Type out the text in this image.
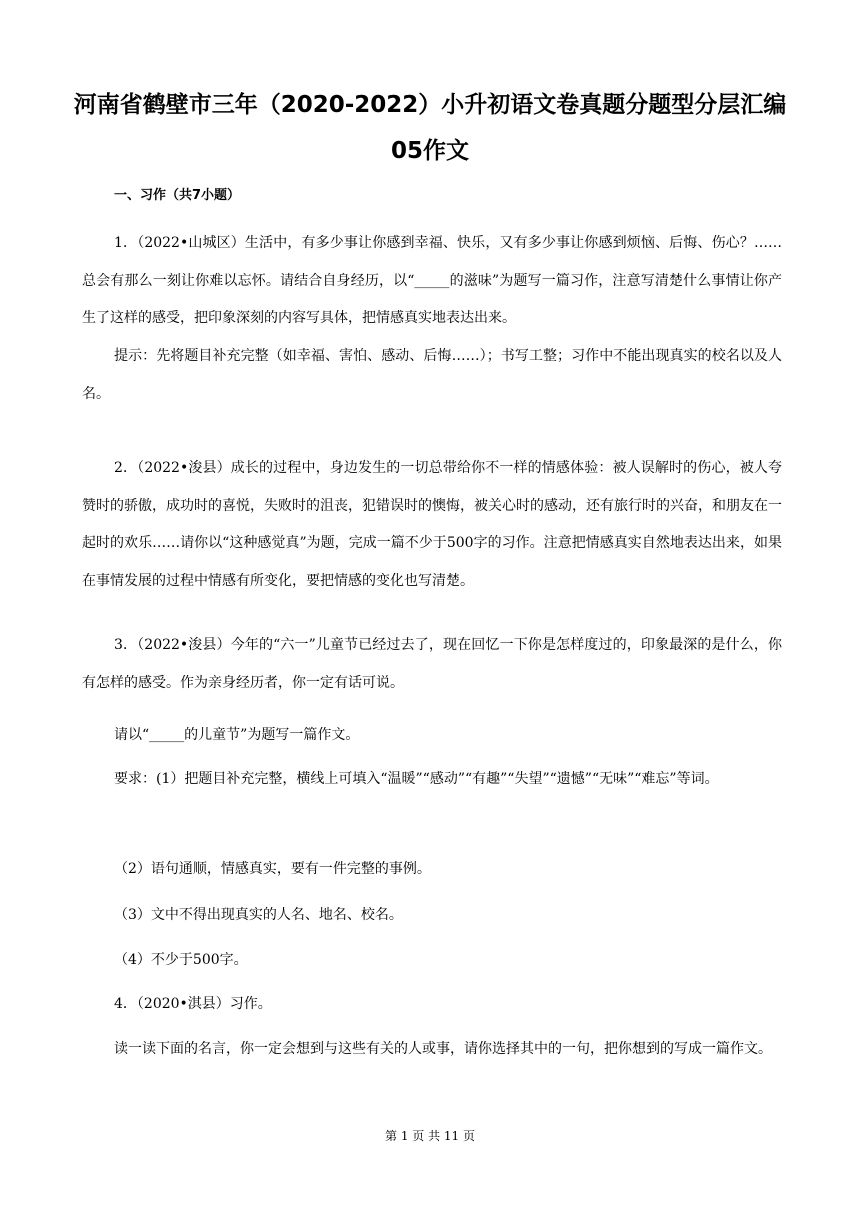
河南省鹤壁市三年（2020-2022）小升初语文卷真题分题型分层汇编
05作文
一、习作（共7小题）

1．（2022•山城区）生活中，有多少事让你感到幸福、快乐，又有多少事让你感到烦恼、后悔、伤心？……总会有那么一刻让你难以忘怀。请结合自身经历，以“_____的滋味”为题写一篇习作，注意写清楚什么事情让你产生了这样的感受，把印象深刻的内容写具体，把情感真实地表达出来。

提示：先将题目补充完整（如幸福、害怕、感动、后悔……）；书写工整；习作中不能出现真实的校名以及人名。

2．（2022•浚县）成长的过程中，身边发生的一切总带给你不一样的情感体验：被人误解时的伤心，被人夸赞时的骄傲，成功时的喜悦，失败时的沮丧，犯错误时的懊悔，被关心时的感动，还有旅行时的兴奋，和朋友在一起时的欢乐……请你以“这种感觉真”为题，完成一篇不少于500字的习作。注意把情感真实自然地表达出来，如果在事情发展的过程中情感有所变化，要把情感的变化也写清楚。

3．（2022•浚县）今年的“六一”儿童节已经过去了，现在回忆一下你是怎样度过的，印象最深的是什么，你有怎样的感受。作为亲身经历者，你一定有话可说。

请以“_____的儿童节”为题写一篇作文。

要求：(1）把题目补充完整，横线上可填入“温暖”“感动”“有趣”“失望”“遗憾”“无味”“难忘”等词。

（2）语句通顺，情感真实，要有一件完整的事例。

（3）文中不得出现真实的人名、地名、校名。

（4）不少于500字。

4．（2020•淇县）习作。

读一读下面的名言，你一定会想到与这些有关的人或事，请你选择其中的一句，把你想到的写成一篇作文。

第 1 页 共 11 页
